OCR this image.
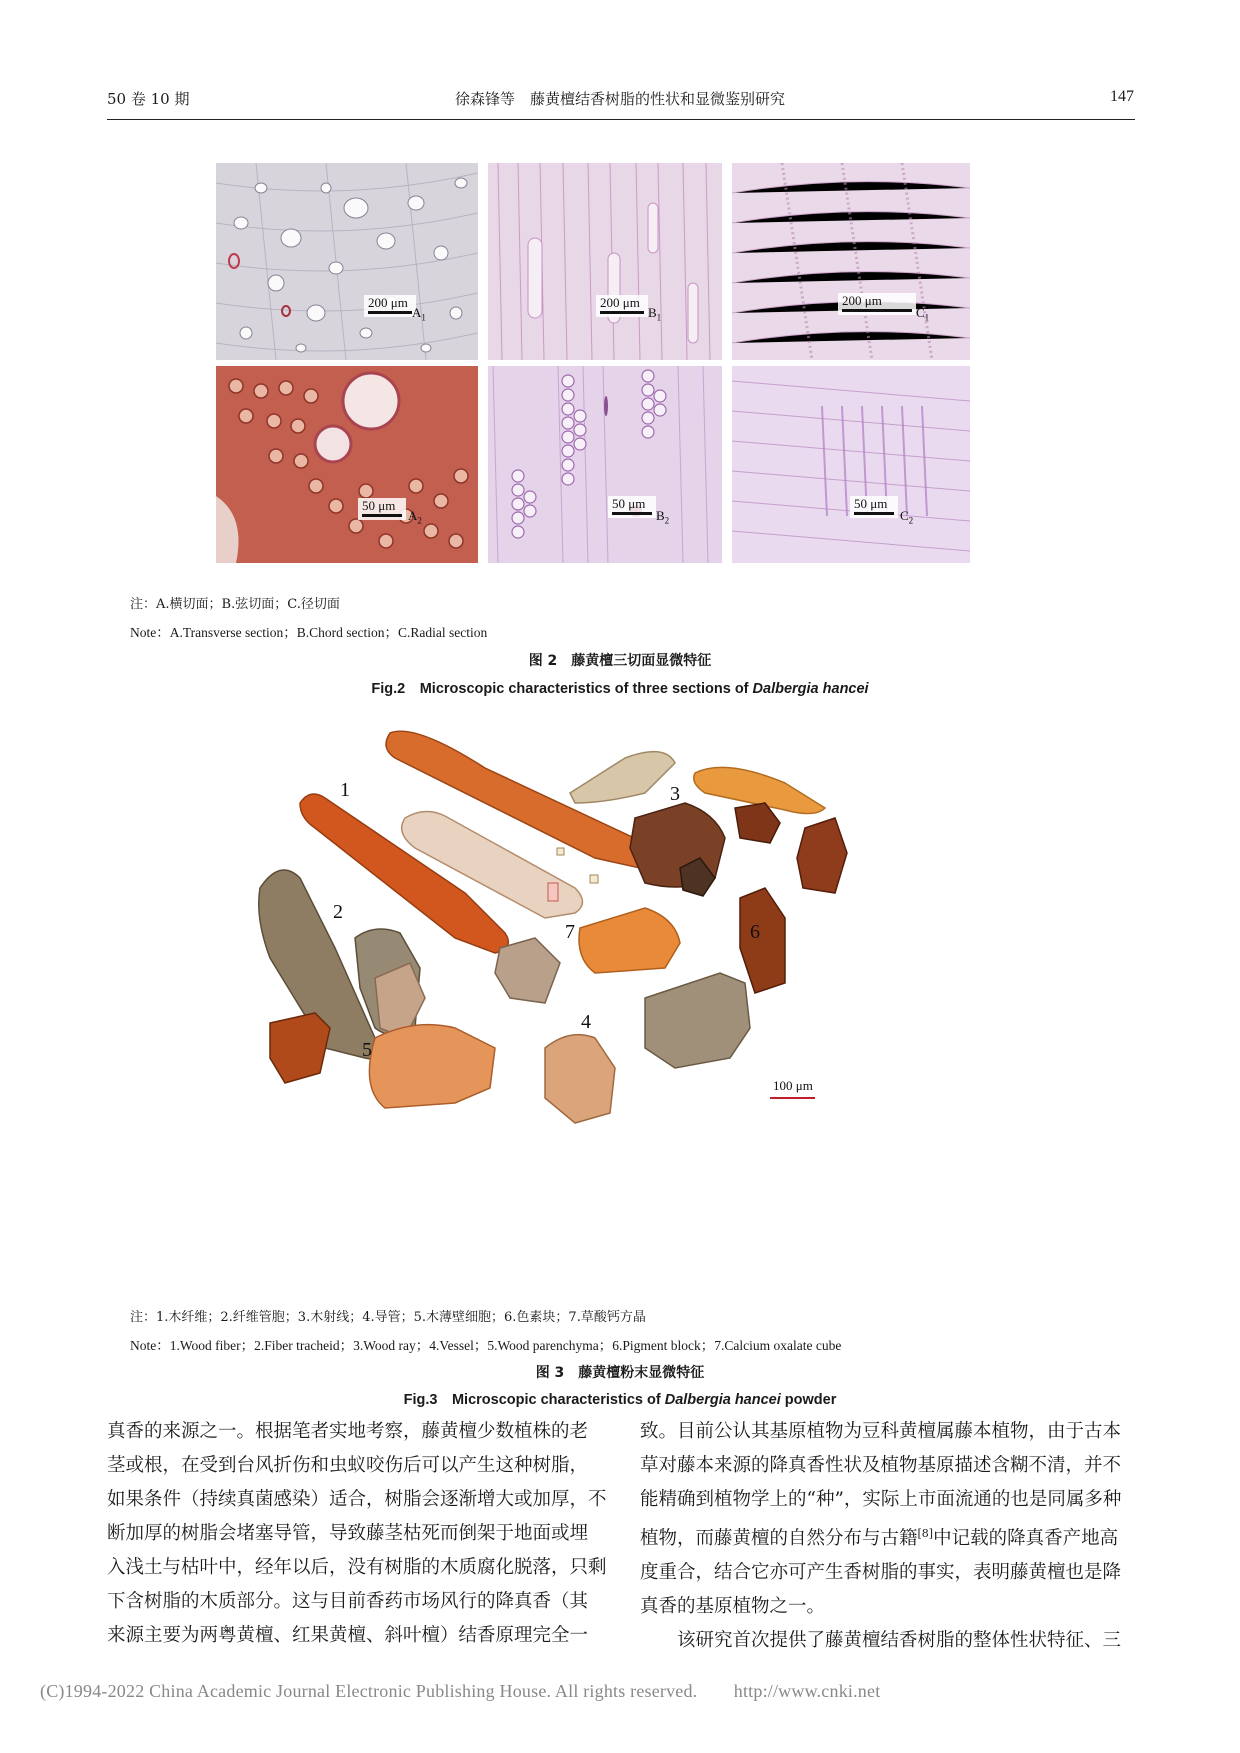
50 卷 10 期	徐森锋等　藤黄檀结香树脂的性状和显微鉴别研究	147
200 μm
$A_1$
200 μm
$B_1$
200 μm
$C_1$
50 μm
$A_2$
50 μm
$B_2$
50 μm
$C_2$
注：A.横切面；B.弦切面；C.径切面
Note：A.Transverse section；B.Chord section；C.Radial section
图 2　藤黄檀三切面显微特征
Fig.2　Microscopic characteristics of three sections of Dalbergia hancei
1
2
3
4
5
6
7
100 μm
注：1.木纤维；2.纤维管胞；3.木射线；4.导管；5.木薄壁细胞；6.色素块；7.草酸钙方晶
Note：1.Wood fiber；2.Fiber tracheid；3.Wood ray；4.Vessel；5.Wood parenchyma；6.Pigment block；7.Calcium oxalate cube
图 3　藤黄檀粉末显微特征
真香的来源之一。根据笔者实地考察，藤黄檀少数植株的老
茎或根，在受到台风折伤和虫蚁咬伤后可以产生这种树脂，
如果条件（持续真菌感染）适合，树脂会逐渐增大或加厚，不
断加厚的树脂会堵塞导管，导致藤茎枯死而倒架于地面或埋
入浅土与枯叶中，经年以后，没有树脂的木质腐化脱落，只剩
下含树脂的木质部分。这与目前香药市场风行的降真香（其
来源主要为两粤黄檀、红果黄檀、斜叶檀）结香原理完全一
Fig.3　Microscopic characteristics of Dalbergia hancei powder
致。目前公认其基原植物为豆科黄檀属藤本植物，由于古本
草对藤本来源的降真香性状及植物基原描述含糊不清，并不
能精确到植物学上的“种”，实际上市面流通的也是同属多种
植物，而藤黄檀的自然分布与古籍[8]中记载的降真香产地高
度重合，结合它亦可产生香树脂的事实，表明藤黄檀也是降
真香的基原植物之一。
　　该研究首次提供了藤黄檀结香树脂的整体性状特征、三
(C)1994-2022 China Academic Journal Electronic Publishing House. All rights reserved.　　http://www.cnki.net
